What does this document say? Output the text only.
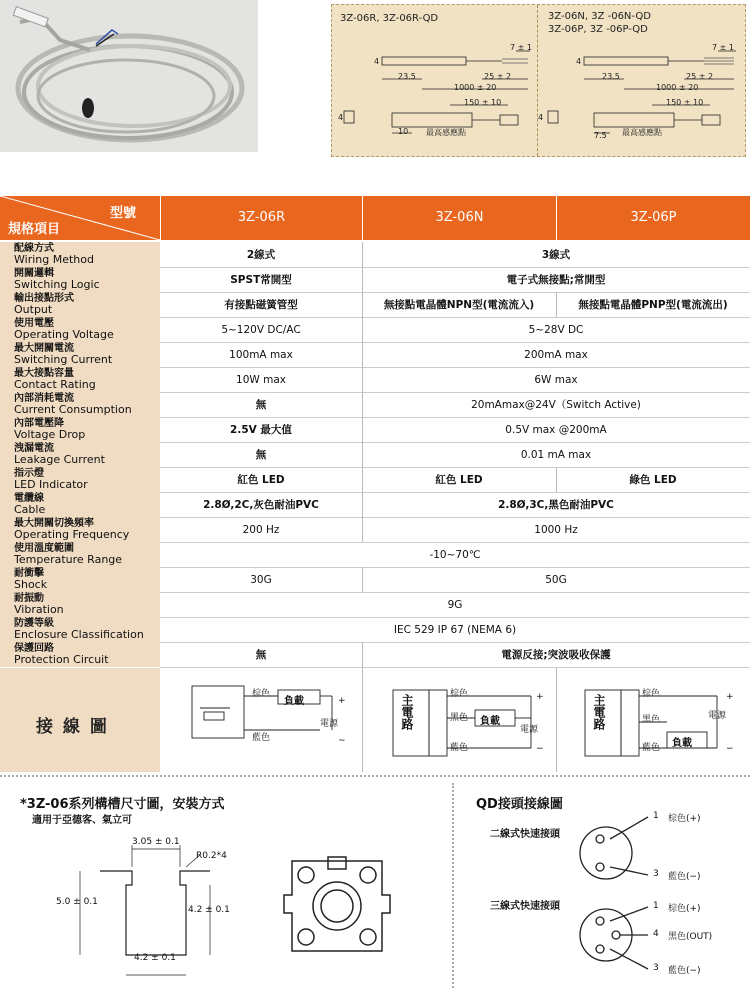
3Z-06R, 3Z-06R-QD	3Z-06N, 3Z -06N-QD
3Z-06P, 3Z -06P-QD
7 ± 1
4
23.5	25 ± 2
1000 ± 20
150 ± 10
4
10 最高感應點
7 ± 1
4
23.5	25 ± 2
1000 ± 20
150 ± 10
4
7.5 最高感應點
型號
規格項目
3Z-06R	3Z-06N	3Z-06P
配線方式
Wiring Method	2線式	3線式
開關邏輯
Switching Logic	SPST常開型	電子式無接點;常開型
輸出接點形式
Output	有接點磁簧管型	無接點電晶體NPN型(電流流入)	無接點電晶體PNP型(電流流出)
使用電壓
Operating Voltage	5~120V DC/AC	5~28V DC
最大開關電流
Switching Current	100mA max	200mA max
最大接點容量
Contact Rating	10W max	6W max
內部消耗電流
Current Consumption	無	20mAmax@24V（Switch Active)
內部電壓降
Voltage Drop	2.5V 最大值	0.5V max @200mA
洩漏電流
Leakage Current	無	0.01 mA max
指示燈
LED Indicator	紅色 LED	紅色 LED	綠色 LED
電纜線
Cable	2.8Ø,2C,灰色耐油PVC	2.8Ø,3C,黑色耐油PVC
最大開關切換頻率
Operating Frequency	200 Hz	1000 Hz
使用溫度範圍
Temperature Range	-10~70℃
耐衝擊
Shock	30G	50G
耐振動
Vibration	9G
防護等級
Enclosure Classification	IEC 529 IP 67 (NEMA 6)
保護回路
Protection Circuit	無	電源反接;突波吸收保護
接 線 圖
棕色
藍色
負載
電源
+
~
主電路	棕色
黑色
藍色
負載
電源
+
−
主電路	棕色
黑色
藍色 負載
電源
+
−
*3Z-06系列構槽尺寸圖，安裝方式
適用于亞德客、氣立可
3.05 ± 0.1
R0.2*4
5.0 ± 0.1
4.2 ± 0.1
4.2 ± 0.1
QD接頭接線圖
二線式快速接頭
三線式快速接頭
1 棕色(+)
3 藍色(−)
1 棕色(+)
4 黑色(OUT)
3 藍色(−)
